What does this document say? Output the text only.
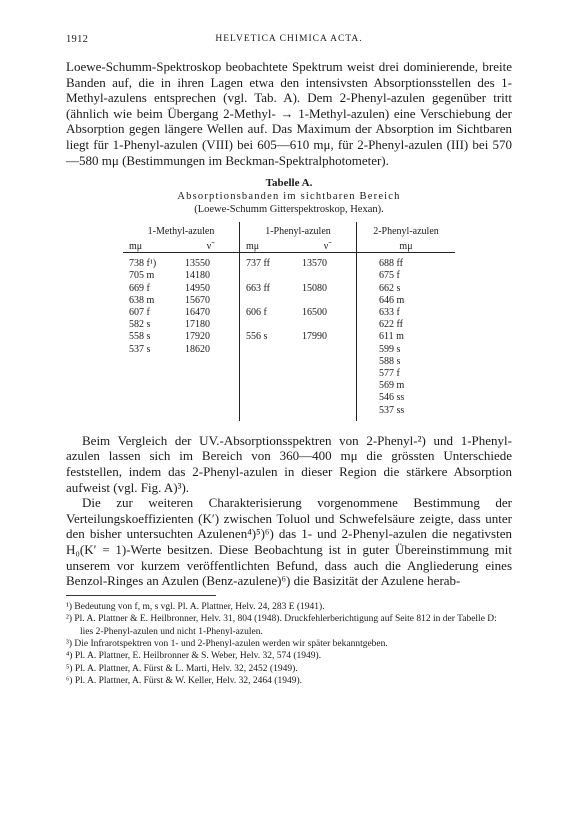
1912	HELVETICA CHIMICA ACTA.

Loewe-Schumm-Spektroskop beobachtete Spektrum weist drei dominierende, breite Banden auf, die in ihren Lagen etwa den intensivsten Absorptionsstellen des 1-Methyl-azulens entsprechen (vgl. Tab. A). Dem 2-Phenyl-azulen gegenüber tritt (ähnlich wie beim Übergang 2-Methyl- → 1-Methyl-azulen) eine Verschiebung der Absorption gegen längere Wellen auf. Das Maximum der Absorption im Sichtbaren liegt für 1-Phenyl-azulen (VIII) bei 605—610 mμ, für 2-Phenyl-azulen (III) bei 570—580 mμ (Bestimmungen im Beckman-Spektralphotometer).

Tabelle A.
Absorptionsbanden im sichtbaren Bereich
(Loewe-Schumm Gitterspektroskop, Hexan).
1-Methyl-azulen		1-Phenyl-azulen		2-Phenyl-azulen
mμ	ν̃	mμ	ν̃	mμ
738 f¹)	13550	737 ff	13570	688 ff
705 m	14180			675 f
669 f	14950	663 ff	15080	662 s
638 m	15670			646 m
607 f	16470	606 f	16500	633 f
582 s	17180			622 ff
558 s	17920	556 s	17990	611 m
537 s	18620			599 s
				588 s
				577 f
				569 m
				546 ss
				537 ss

Beim Vergleich der UV.-Absorptionsspektren von 2-Phenyl-²) und 1-Phenyl-azulen lassen sich im Bereich von 360—400 mμ die grössten Unterschiede feststellen, indem das 2-Phenyl-azulen in dieser Region die stärkere Absorption aufweist (vgl. Fig. A)³).

Die zur weiteren Charakterisierung vorgenommene Bestimmung der Verteilungskoeffizienten (K′) zwischen Toluol und Schwefelsäure zeigte, dass unter den bisher untersuchten Azulenen⁴)⁵)⁶) das 1- und 2-Phenyl-azulen die negativsten H₀(K′ = 1)-Werte besitzen. Diese Beobachtung ist in guter Übereinstimmung mit unserem vor kurzem veröffentlichten Befund, dass auch die Angliederung eines Benzol-Ringes an Azulen (Benz-azulene)⁶) die Basizität der Azulene herab-

¹) Bedeutung von f, m, s vgl. Pl. A. Plattner, Helv. 24, 283 E (1941).
²) Pl. A. Plattner & E. Heilbronner, Helv. 31, 804 (1948). Druckfehlerberichtigung auf Seite 812 in der Tabelle D: lies 2-Phenyl-azulen und nicht 1-Phenyl-azulen.
³) Die Infrarotspektren von 1- und 2-Phenyl-azulen werden wir später bekanntgeben.
⁴) Pl. A. Plattner, E. Heilbronner & S. Weber, Helv. 32, 574 (1949).
⁵) Pl. A. Plattner, A. Fürst & L. Marti, Helv. 32, 2452 (1949).
⁶) Pl. A. Plattner, A. Fürst & W. Keller, Helv. 32, 2464 (1949).
